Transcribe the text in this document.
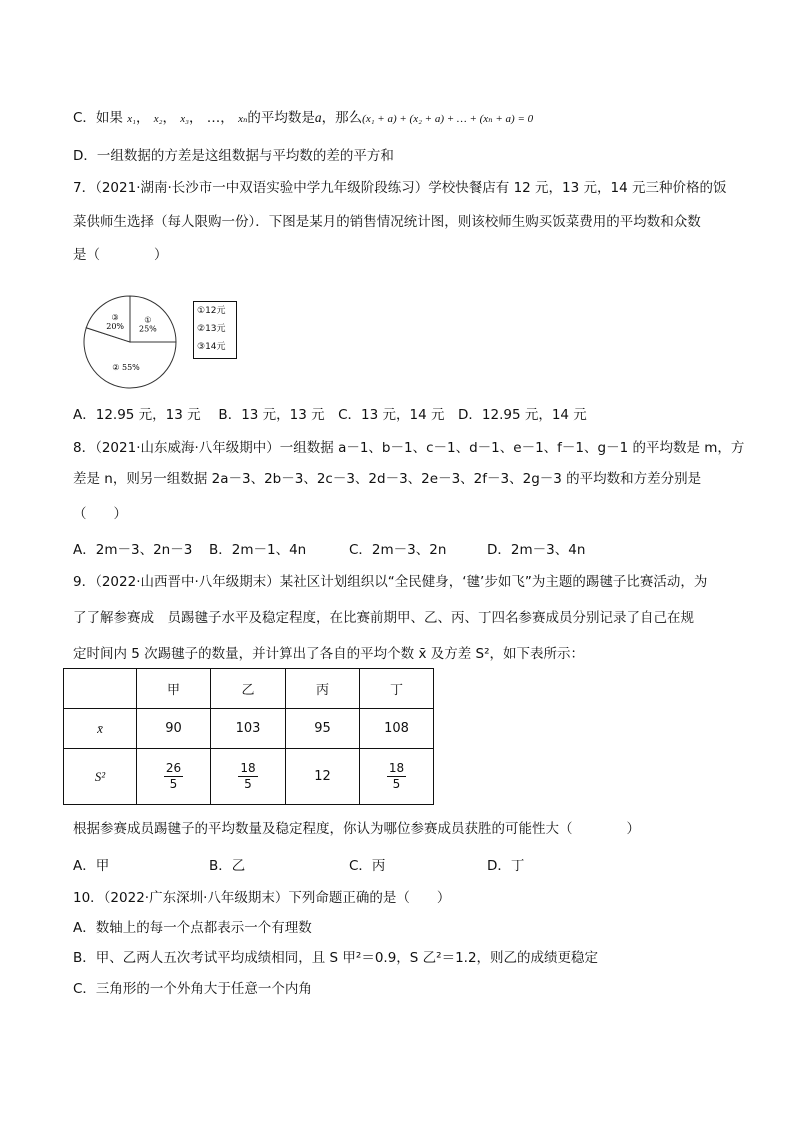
C．如果 x₁， x₂， x₃， …， xₙ的平均数是a，那么(x₁ + a) + (x₂ + a) + … + (xₙ + a) = 0
D．一组数据的方差是这组数据与平均数的差的平方和
7．（2021·湖南·长沙市一中双语实验中学九年级阶段练习）学校快餐店有 12 元，13 元，14 元三种价格的饭
菜供师生选择（每人限购一份）．下图是某月的销售情况统计图，则该校师生购买饭菜费用的平均数和众数
是（　　　　）
① 25%
② 55%
③ 20%
①12元
②13元
③14元
A．12.95 元，13 元　 B．13 元，13 元　C．13 元，14 元　D．12.95 元，14 元
8．（2021·山东威海·八年级期中）一组数据 a－1、b－1、c－1、d－1、e－1、f－1、g－1 的平均数是 m，方
差是 n，则另一组数据 2a－3、2b－3、2c－3、2d－3、2e－3、2f－3、2g－3 的平均数和方差分别是
（　　）
A．2m－3、2n－3 B．2m－1、4n	C．2m－3、2n	D．2m－3、4n
9．（2022·山西晋中·八年级期末）某社区计划组织以“全民健身，‘毽’步如飞”为主题的踢毽子比赛活动，为
了了解参赛成　员踢毽子水平及稳定程度，在比赛前期甲、乙、丙、丁四名参赛成员分别记录了自己在规
定时间内 5 次踢毽子的数量，并计算出了各自的平均个数 x̄ 及方差 S²，如下表所示：
	甲	乙	丙	丁
x̄	90	103	95	108
S²	$\frac{26}{5}$	$\frac{18}{5}$	12	$\frac{18}{5}$
根据参赛成员踢毽子的平均数量及稳定程度，你认为哪位参赛成员获胜的可能性大（　　　　）
A．甲	B．乙	C．丙	D．丁
10．（2022·广东深圳·八年级期末）下列命题正确的是（　　）
A．数轴上的每一个点都表示一个有理数
B．甲、乙两人五次考试平均成绩相同，且 S 甲²＝0.9，S 乙²＝1.2，则乙的成绩更稳定
C．三角形的一个外角大于任意一个内角
